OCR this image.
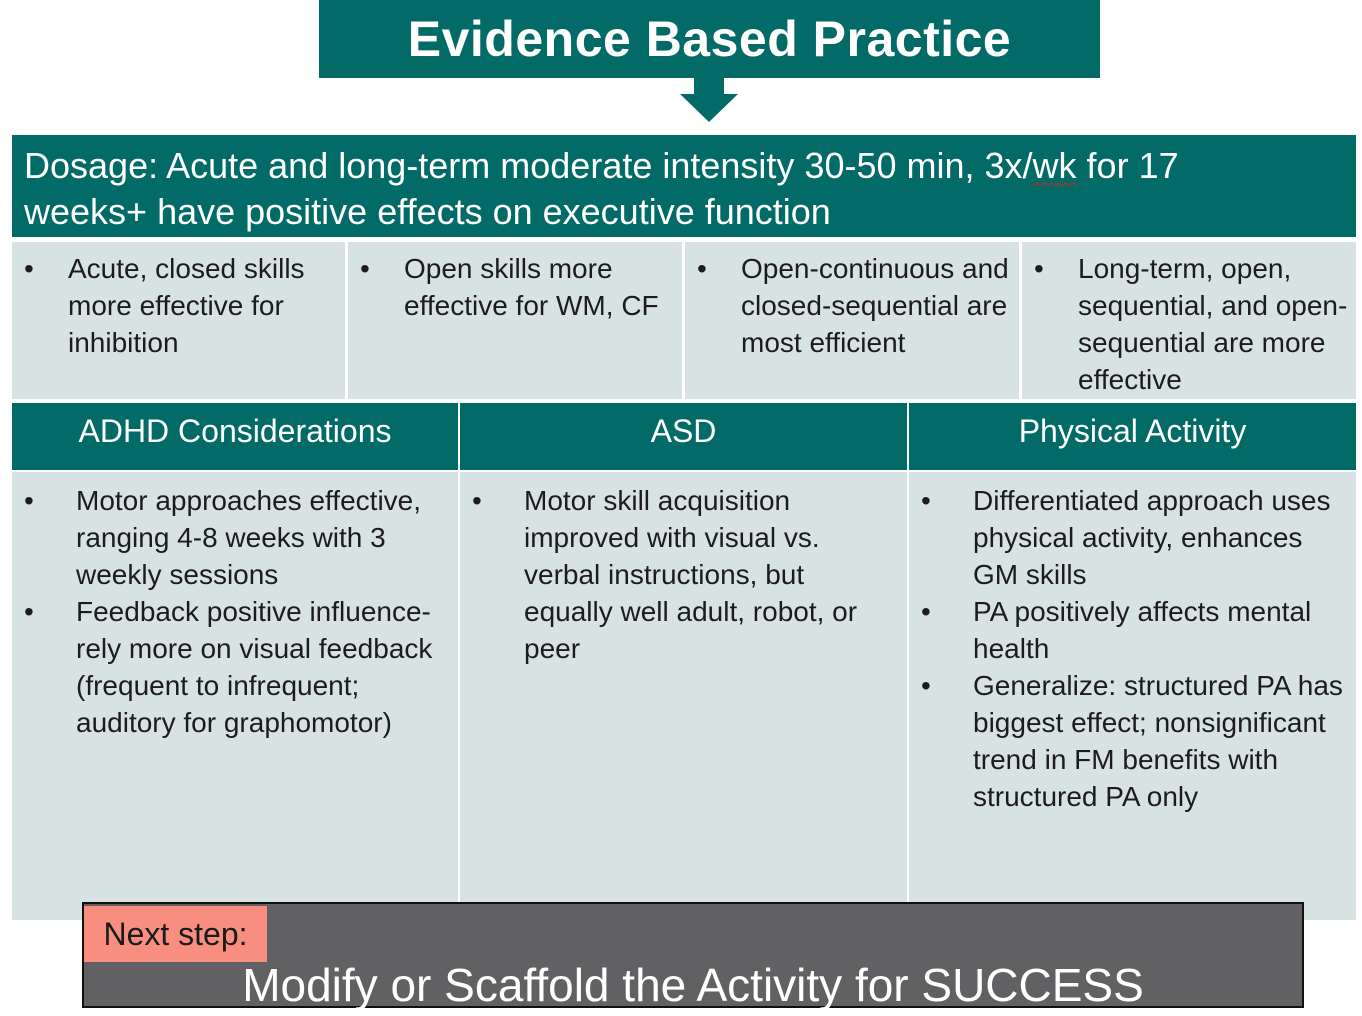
Evidence Based Practice
Dosage: Acute and long-term moderate intensity 30-50 min, 3x/wk for 17
weeks+ have positive effects on executive function
• Acute, closed skills more effective for inhibition
• Open skills more effective for WM, CF
• Open-continuous and closed-sequential are most efficient
• Long-term, open, sequential, and open-sequential are more effective
ADHD Considerations	ASD	Physical Activity
• Motor approaches effective, ranging 4-8 weeks with 3 weekly sessions
• Feedback positive influence-rely more on visual feedback (frequent to infrequent; auditory for graphomotor)
• Motor skill acquisition improved with visual vs. verbal instructions, but equally well adult, robot, or peer
• Differentiated approach uses physical activity, enhances GM skills
• PA positively affects mental health
• Generalize: structured PA has biggest effect; nonsignificant trend in FM benefits with structured PA only
Next step:
Modify or Scaffold the Activity for SUCCESS
